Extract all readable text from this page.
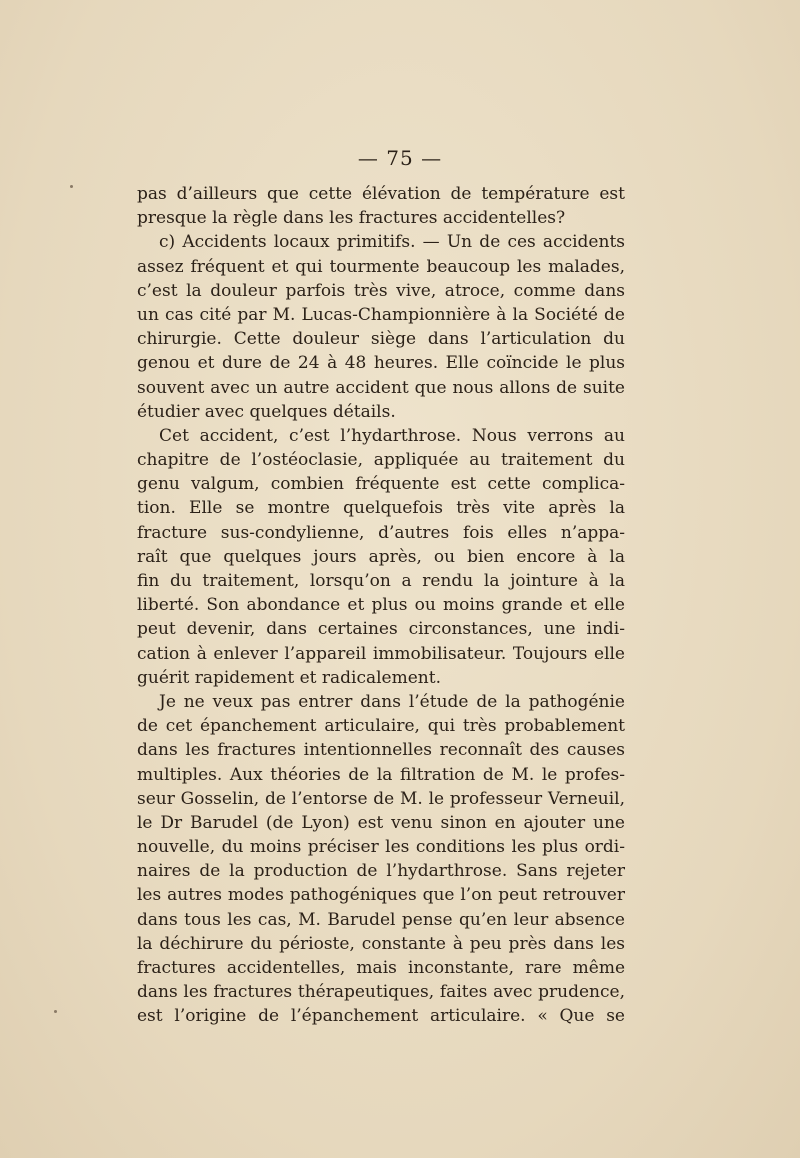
— 75 —
pas d’ailleurs que cette élévation de température est
presque la règle dans les fractures accidentelles?
c) Accidents locaux primitifs. — Un de ces accidents
assez fréquent et qui tourmente beaucoup les malades,
c’est la douleur parfois très vive, atroce, comme dans
un cas cité par M. Lucas-Championnière à la Société de
chirurgie. Cette douleur siège dans l’articulation du
genou et dure de 24 à 48 heures. Elle coïncide le plus
souvent avec un autre accident que nous allons de suite
étudier avec quelques détails.
Cet accident, c’est l’hydarthrose. Nous verrons au
chapitre de l’ostéoclasie, appliquée au traitement du
genu valgum, combien fréquente est cette complica-
tion. Elle se montre quelquefois très vite après la
fracture sus-condylienne, d’autres fois elles n’appa-
raît que quelques jours après, ou bien encore à la
fin du traitement, lorsqu’on a rendu la jointure à la
liberté. Son abondance et plus ou moins grande et elle
peut devenir, dans certaines circonstances, une indi-
cation à enlever l’appareil immobilisateur. Toujours elle
guérit rapidement et radicalement.
Je ne veux pas entrer dans l’étude de la pathogénie
de cet épanchement articulaire, qui très probablement
dans les fractures intentionnelles reconnaît des causes
multiples. Aux théories de la filtration de M. le profes-
seur Gosselin, de l’entorse de M. le professeur Verneuil,
le Dr Barudel (de Lyon) est venu sinon en ajouter une
nouvelle, du moins préciser les conditions les plus ordi-
naires de la production de l’hydarthrose. Sans rejeter
les autres modes pathogéniques que l’on peut retrouver
dans tous les cas, M. Barudel pense qu’en leur absence
la déchirure du périoste, constante à peu près dans les
fractures accidentelles, mais inconstante, rare même
dans les fractures thérapeutiques, faites avec prudence,
est l’origine de l’épanchement articulaire. « Que se
